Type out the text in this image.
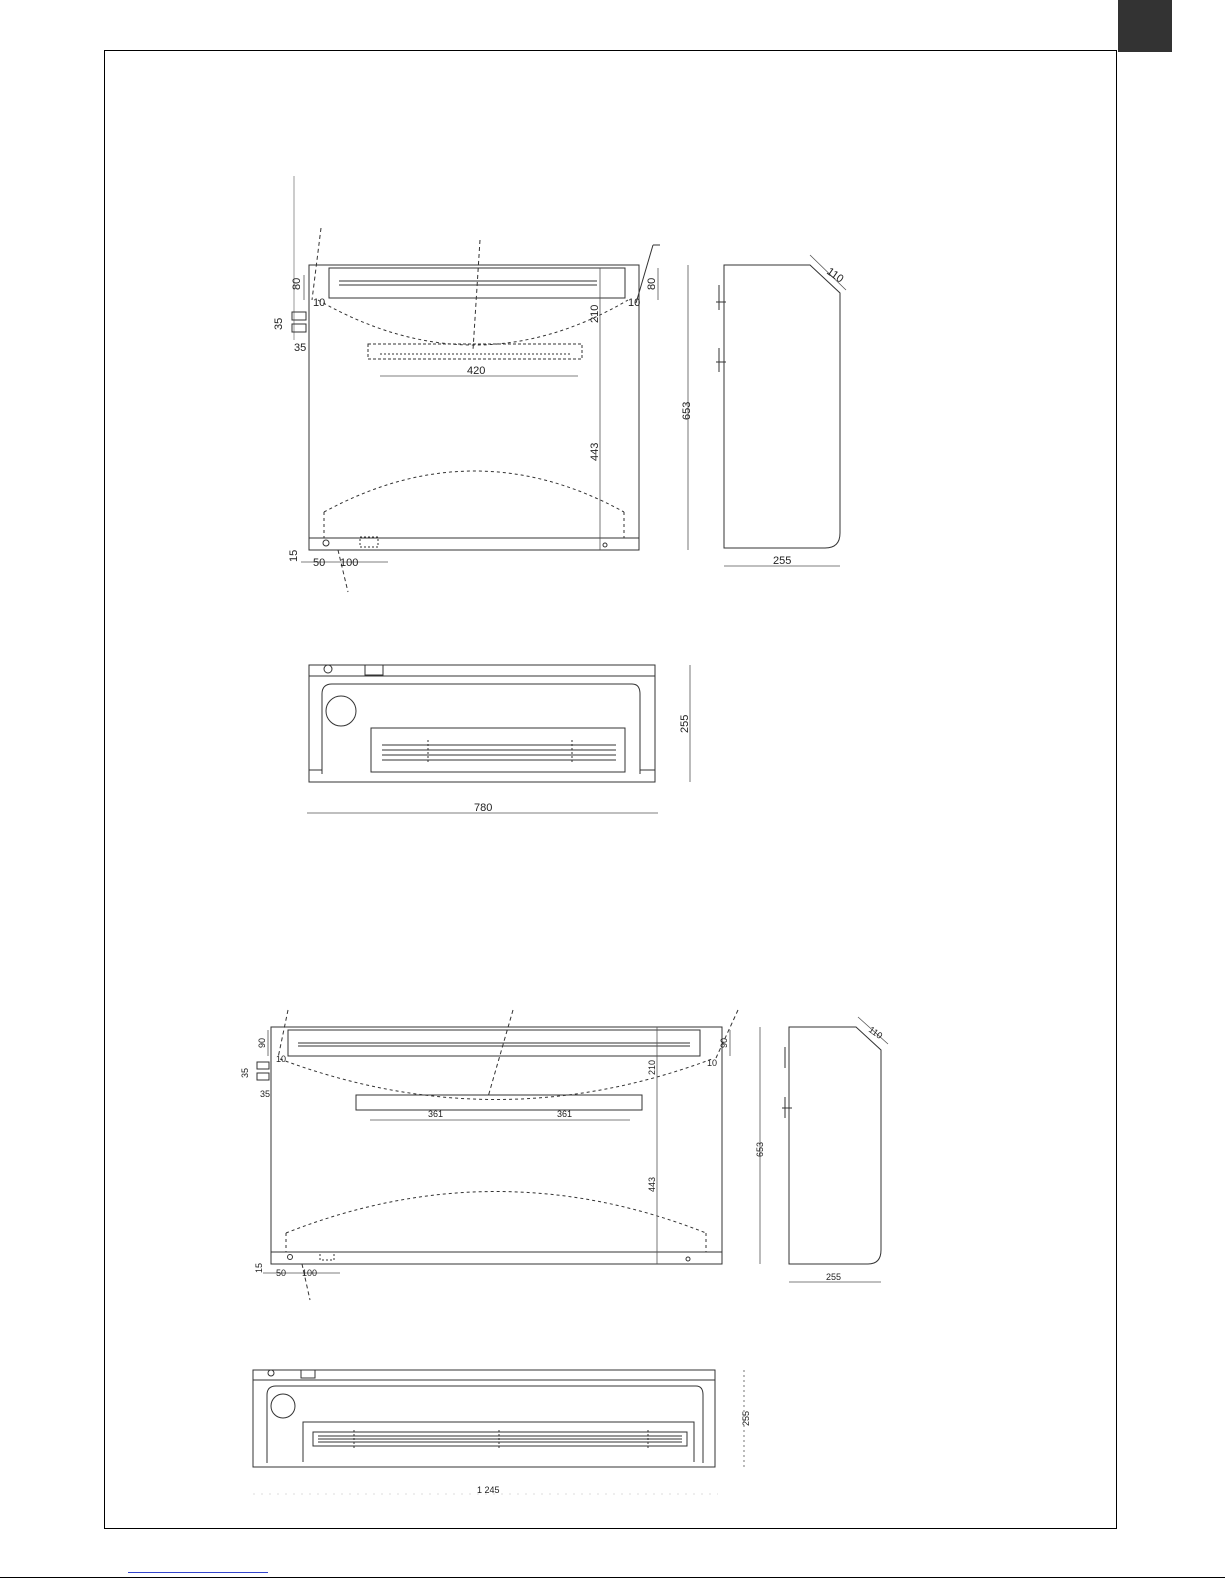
80	80
10	10
35
35
210
420
443
15
50 100
653
110
255
255
780
90	90
10	10
35
35
210
361	361
443
15 50 100
653
110
255
255
1 245
